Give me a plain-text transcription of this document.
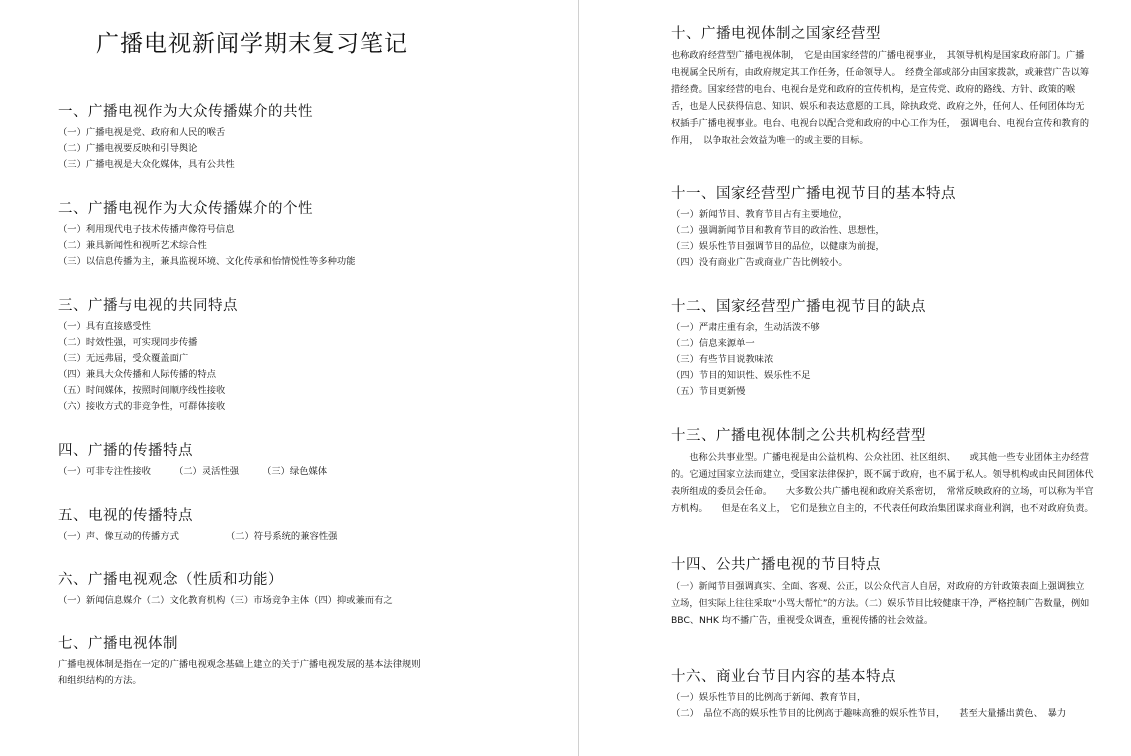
广播电视新闻学期末复习笔记
一、广播电视作为大众传播媒介的共性
（一）广播电视是党、政府和人民的喉舌
（二）广播电视要反映和引导舆论
（三）广播电视是大众化媒体，具有公共性
二、广播电视作为大众传播媒介的个性
（一）利用现代电子技术传播声像符号信息
（二）兼具新闻性和视听艺术综合性
（三）以信息传播为主，兼具监视环境、文化传承和怡情悦性等多种功能
三、广播与电视的共同特点
（一）具有直接感受性
（二）时效性强，可实现同步传播
（三）无远弗届，受众覆盖面广
（四）兼具大众传播和人际传播的特点
（五）时间媒体，按照时间顺序线性接收
（六）接收方式的非竞争性，可群体接收
四、广播的传播特点
（一）可非专注性接收 （二）灵活性强 （三）绿色媒体
五、电视的传播特点
（一）声、像互动的传播方式	（二）符号系统的兼容性强
六、广播电视观念（性质和功能）
（一）新闻信息媒介（二）文化教育机构（三）市场竞争主体（四）抑或兼而有之
七、广播电视体制
广播电视体制是指在一定的广播电视观念基础上建立的关于广播电视发展的基本法律规则
和组织结构的方法。
十、广播电视体制之国家经营型
也称政府经营型广播电视体制，　它是由国家经营的广播电视事业，　其领导机构是国家政府部门。广播电视属全民所有，由政府规定其工作任务，任命领导人。　经费全部或部分由国家拨款，或兼营广告以筹措经费。国家经营的电台、电视台是党和政府的宣传机构，是宣传党、政府的路线、方针、政策的喉舌，也是人民获得信息、知识、娱乐和表达意愿的工具，除执政党、政府之外，任何人、任何团体均无权插手广播电视事业。电台、电视台以配合党和政府的中心工作为任，　强调电台、电视台宣传和教育的作用，　以争取社会效益为唯一的或主要的目标。
十一、国家经营型广播电视节目的基本特点
（一）新闻节目、教育节目占有主要地位，
（二）强调新闻节目和教育节目的政治性、思想性，
（三）娱乐性节目强调节目的品位，以健康为前提，
（四）没有商业广告或商业广告比例较小。
十二、国家经营型广播电视节目的缺点
（一）严肃庄重有余，生动活泼不够
（二）信息来源单一
（三）有些节目说教味浓
（四）节目的知识性、娱乐性不足
（五）节目更新慢
十三、广播电视体制之公共机构经营型
　　也称公共事业型。广播电视是由公益机构、公众社团、社区组织、　　或其他一些专业团体主办经营的。它通过国家立法而建立，受国家法律保护，既不属于政府，也不属于私人。领导机构或由民间团体代表所组成的委员会任命。　　大多数公共广播电视和政府关系密切，　常常反映政府的立场，可以称为半官方机构。　　但是在名义上，　它们是独立自主的，不代表任何政治集团谋求商业利润，也不对政府负责。
十四、公共广播电视的节目特点
（一）新闻节目强调真实、全面、客观、公正，以公众代言人自居，对政府的方针政策表面上强调独立立场，但实际上往往采取“小骂大帮忙”的方法。（二）娱乐节目比较健康干净，严格控制广告数量，例如　　BBC、NHK 均不播广告，重视受众调查，重视传播的社会效益。
十六、商业台节目内容的基本特点
（一）娱乐性节目的比例高于新闻、教育节目，
（二）　品位不高的娱乐性节目的比例高于趣味高雅的娱乐性节目，　　甚至大量播出黄色、　暴力
